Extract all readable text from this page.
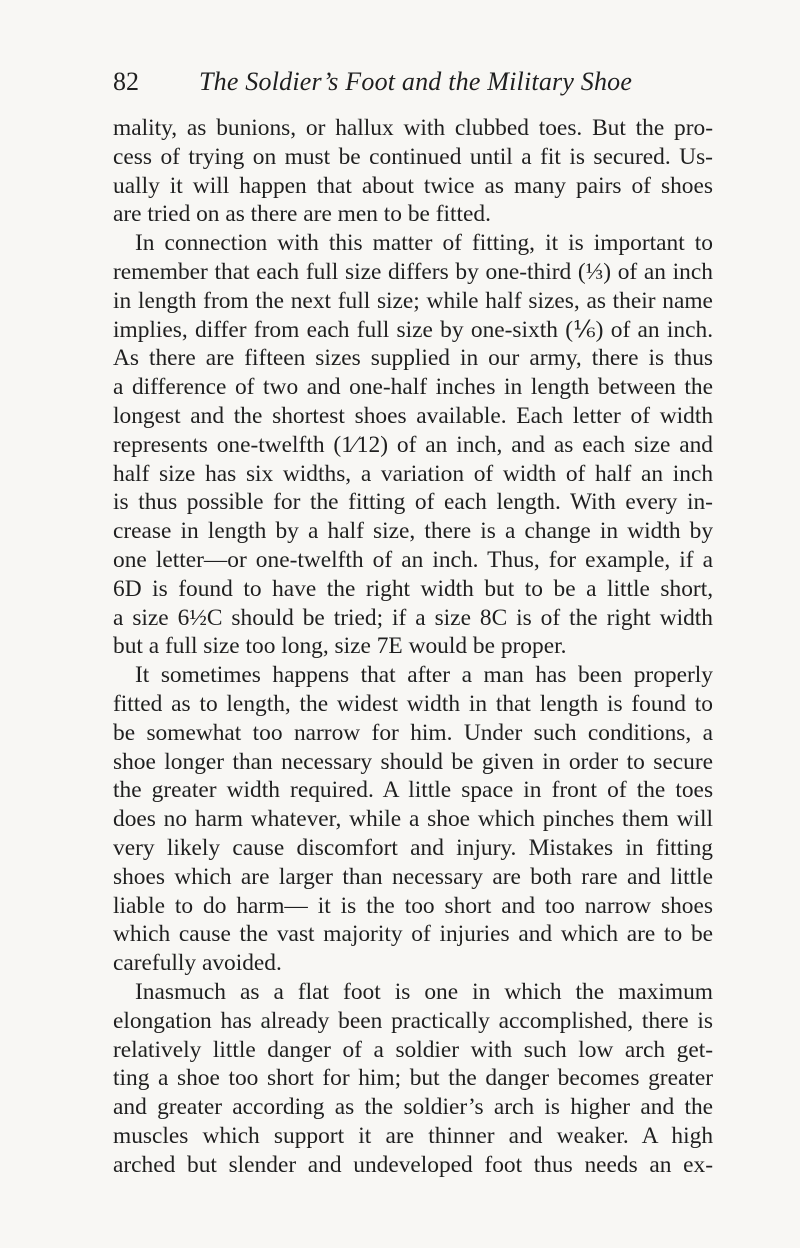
82 The Soldier’s Foot and the Military Shoe
mality, as bunions, or hallux with clubbed toes. But the pro-
cess of trying on must be continued until a fit is secured. Us-
ually it will happen that about twice as many pairs of shoes
are tried on as there are men to be fitted.
In connection with this matter of fitting, it is important to
remember that each full size differs by one-third (⅓) of an inch
in length from the next full size; while half sizes, as their name
implies, differ from each full size by one-sixth (⅙) of an inch.
As there are fifteen sizes supplied in our army, there is thus
a difference of two and one-half inches in length between the
longest and the shortest shoes available. Each letter of width
represents one-twelfth (1⁄12) of an inch, and as each size and
half size has six widths, a variation of width of half an inch
is thus possible for the fitting of each length. With every in-
crease in length by a half size, there is a change in width by
one letter—or one-twelfth of an inch. Thus, for example, if a
6D is found to have the right width but to be a little short,
a size 6½C should be tried; if a size 8C is of the right width
but a full size too long, size 7E would be proper.
It sometimes happens that after a man has been properly
fitted as to length, the widest width in that length is found to
be somewhat too narrow for him. Under such conditions, a
shoe longer than necessary should be given in order to secure
the greater width required. A little space in front of the toes
does no harm whatever, while a shoe which pinches them will
very likely cause discomfort and injury. Mistakes in fitting
shoes which are larger than necessary are both rare and little
liable to do harm— it is the too short and too narrow shoes
which cause the vast majority of injuries and which are to be
carefully avoided.
Inasmuch as a flat foot is one in which the maximum
elongation has already been practically accomplished, there is
relatively little danger of a soldier with such low arch get-
ting a shoe too short for him; but the danger becomes greater
and greater according as the soldier’s arch is higher and the
muscles which support it are thinner and weaker. A high
arched but slender and undeveloped foot thus needs an ex-
